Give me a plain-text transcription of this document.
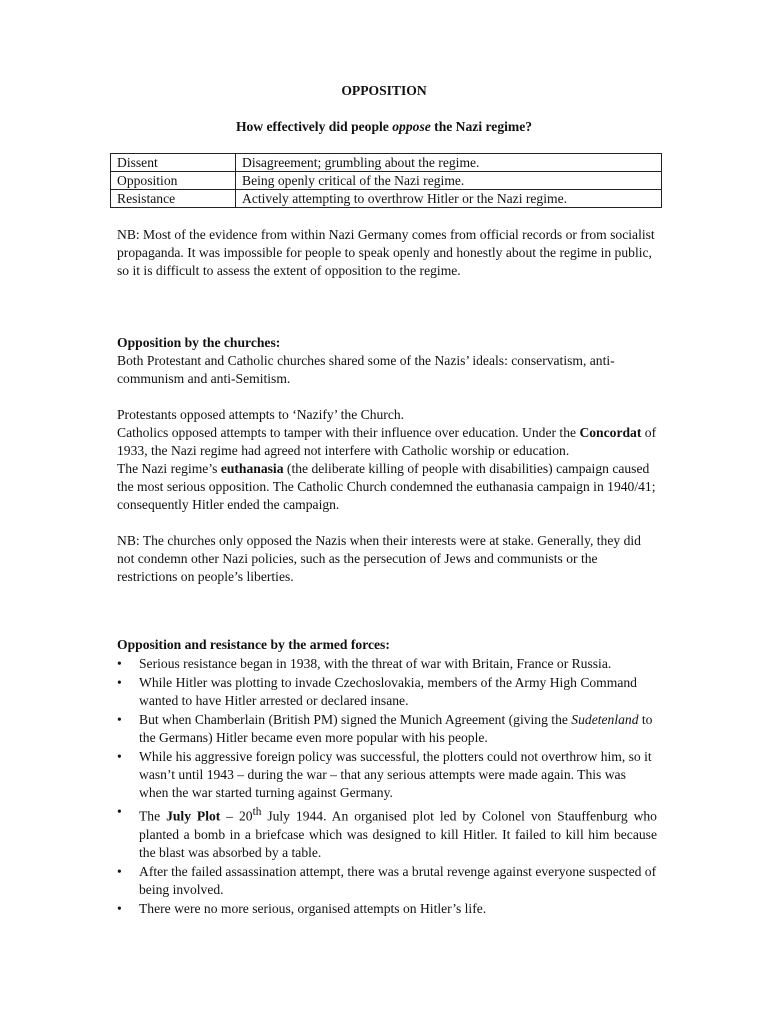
OPPOSITION
How effectively did people oppose the Nazi regime?
Dissent	Disagreement; grumbling about the regime.
Opposition	Being openly critical of the Nazi regime.
Resistance	Actively attempting to overthrow Hitler or the Nazi regime.

NB: Most of the evidence from within Nazi Germany comes from official records or from socialist propaganda. It was impossible for people to speak openly and honestly about the regime in public, so it is difficult to assess the extent of opposition to the regime.

Opposition by the churches:

Both Protestant and Catholic churches shared some of the Nazis’ ideals: conservatism, anti-communism and anti-Semitism.

Protestants opposed attempts to ‘Nazify’ the Church.

Catholics opposed attempts to tamper with their influence over education. Under the Concordat of 1933, the Nazi regime had agreed not interfere with Catholic worship or education.

The Nazi regime’s euthanasia (the deliberate killing of people with disabilities) campaign caused the most serious opposition. The Catholic Church condemned the euthanasia campaign in 1940/41; consequently Hitler ended the campaign.

NB: The churches only opposed the Nazis when their interests were at stake. Generally, they did not condemn other Nazi policies, such as the persecution of Jews and communists or the restrictions on people’s liberties.

Opposition and resistance by the armed forces:

• Serious resistance began in 1938, with the threat of war with Britain, France or Russia.
• While Hitler was plotting to invade Czechoslovakia, members of the Army High Command wanted to have Hitler arrested or declared insane.
• But when Chamberlain (British PM) signed the Munich Agreement (giving the Sudetenland to the Germans) Hitler became even more popular with his people.
• While his aggressive foreign policy was successful, the plotters could not overthrow him, so it wasn’t until 1943 – during the war – that any serious attempts were made again. This was when the war started turning against Germany.
• The July Plot – 20th July 1944. An organised plot led by Colonel von Stauffenburg who planted a bomb in a briefcase which was designed to kill Hitler. It failed to kill him because the blast was absorbed by a table.
• After the failed assassination attempt, there was a brutal revenge against everyone suspected of being involved.
• There were no more serious, organised attempts on Hitler’s life.
